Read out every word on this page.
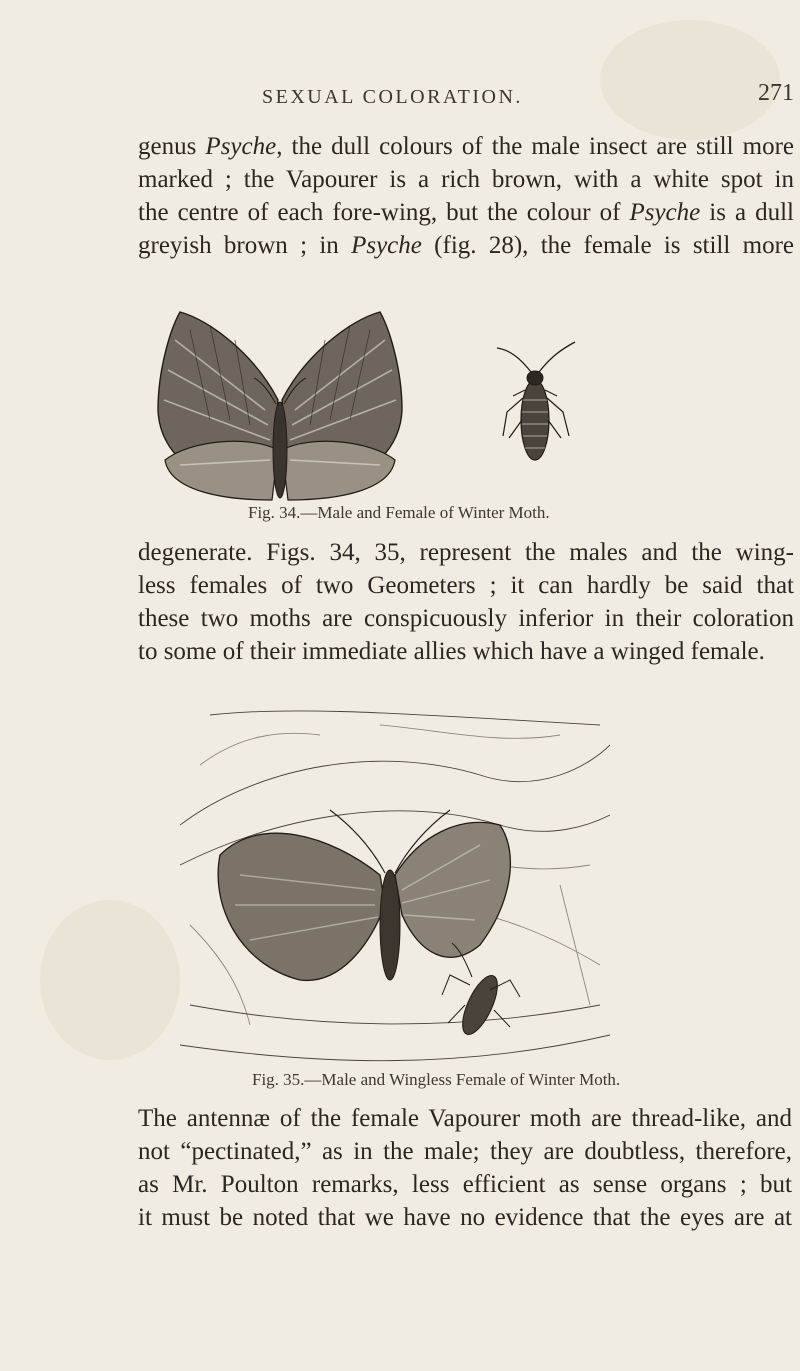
SEXUAL COLORATION.	271
genus Psyche, the dull colours of the male insect are still more
marked ; the Vapourer is a rich brown, with a white spot in
the centre of each fore-wing, but the colour of Psyche is a dull
greyish brown ; in Psyche (fig. 28), the female is still more
Fig. 34.—Male and Female of Winter Moth.
degenerate. Figs. 34, 35, represent the males and the wing-
less females of two Geometers ; it can hardly be said that
these two moths are conspicuously inferior in their coloration
to some of their immediate allies which have a winged female.
Fig. 35.—Male and Wingless Female of Winter Moth.
The antennæ of the female Vapourer moth are thread-like, and
not “pectinated,” as in the male; they are doubtless, therefore,
as Mr. Poulton remarks, less efficient as sense organs ; but
it must be noted that we have no evidence that the eyes are at
